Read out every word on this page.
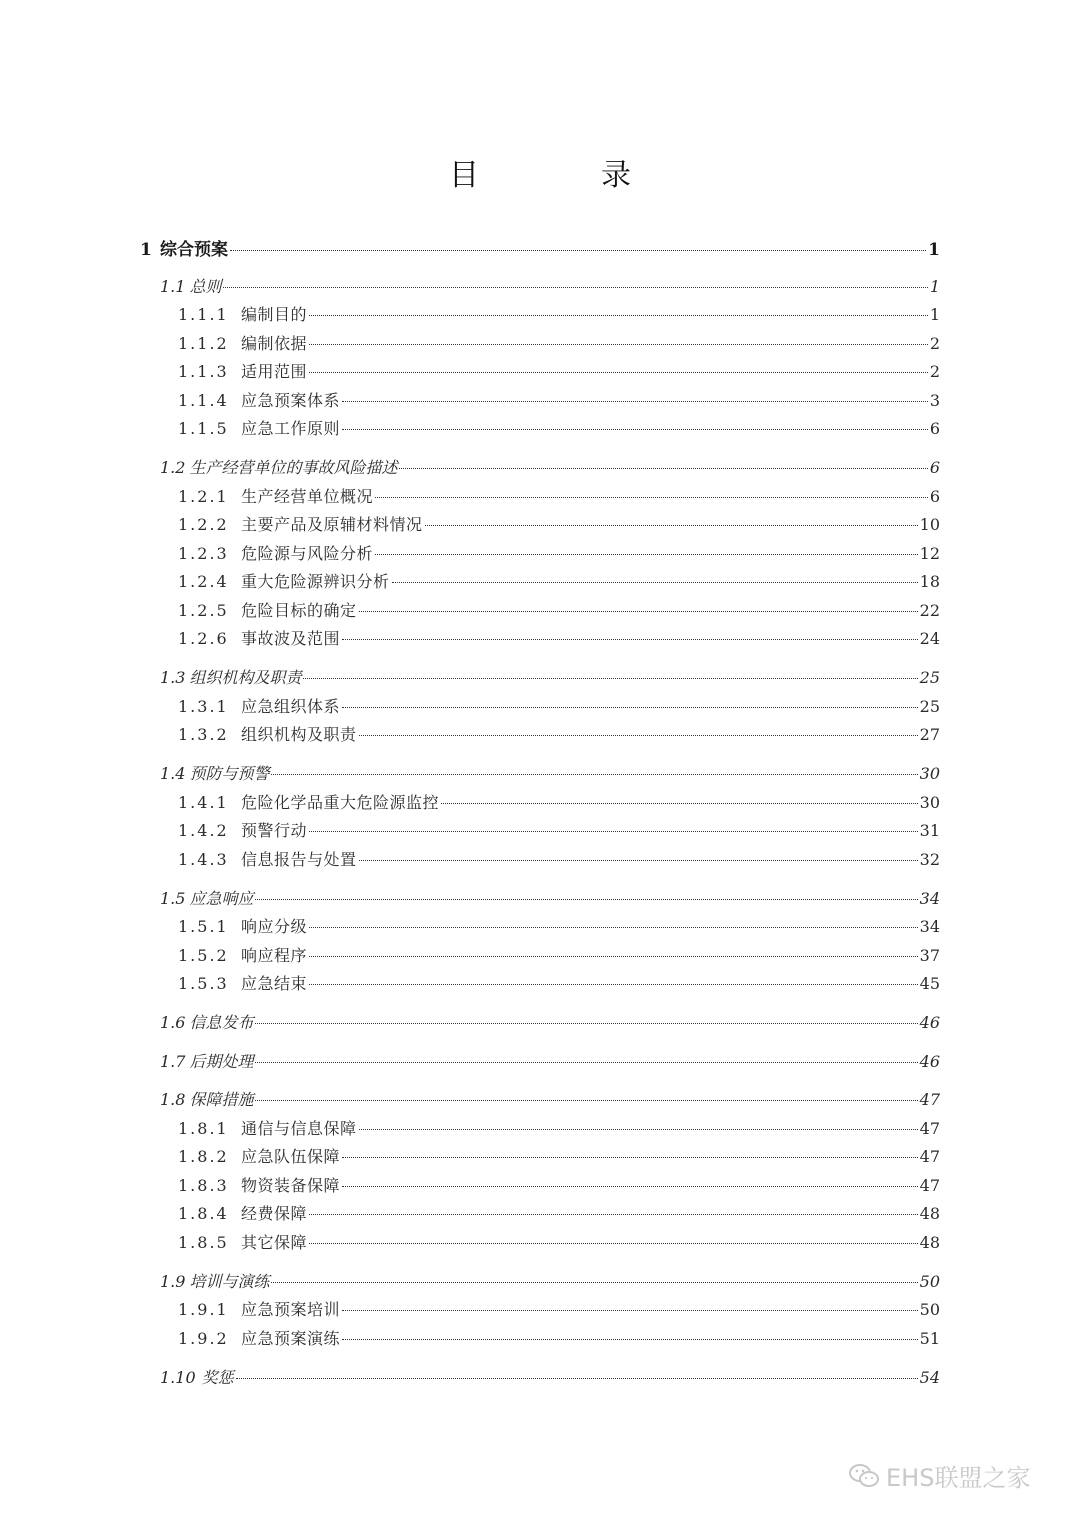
目　录
1 综合预案	1
1.1 总则	1
1.1.1 编制目的	1
1.1.2 编制依据	2
1.1.3 适用范围	2
1.1.4 应急预案体系	3
1.1.5 应急工作原则	6
1.2 生产经营单位的事故风险描述	6
1.2.1 生产经营单位概况	6
1.2.2 主要产品及原辅材料情况	10
1.2.3 危险源与风险分析	12
1.2.4 重大危险源辨识分析	18
1.2.5 危险目标的确定	22
1.2.6 事故波及范围	24
1.3 组织机构及职责	25
1.3.1 应急组织体系	25
1.3.2 组织机构及职责	27
1.4 预防与预警	30
1.4.1 危险化学品重大危险源监控	30
1.4.2 预警行动	31
1.4.3 信息报告与处置	32
1.5 应急响应	34
1.5.1 响应分级	34
1.5.2 响应程序	37
1.5.3 应急结束	45
1.6 信息发布	46
1.7 后期处理	46
1.8 保障措施	47
1.8.1 通信与信息保障	47
1.8.2 应急队伍保障	47
1.8.3 物资装备保障	47
1.8.4 经费保障	48
1.8.5 其它保障	48
1.9 培训与演练	50
1.9.1 应急预案培训	50
1.9.2 应急预案演练	51
1.10 奖惩	54
EHS联盟之家
